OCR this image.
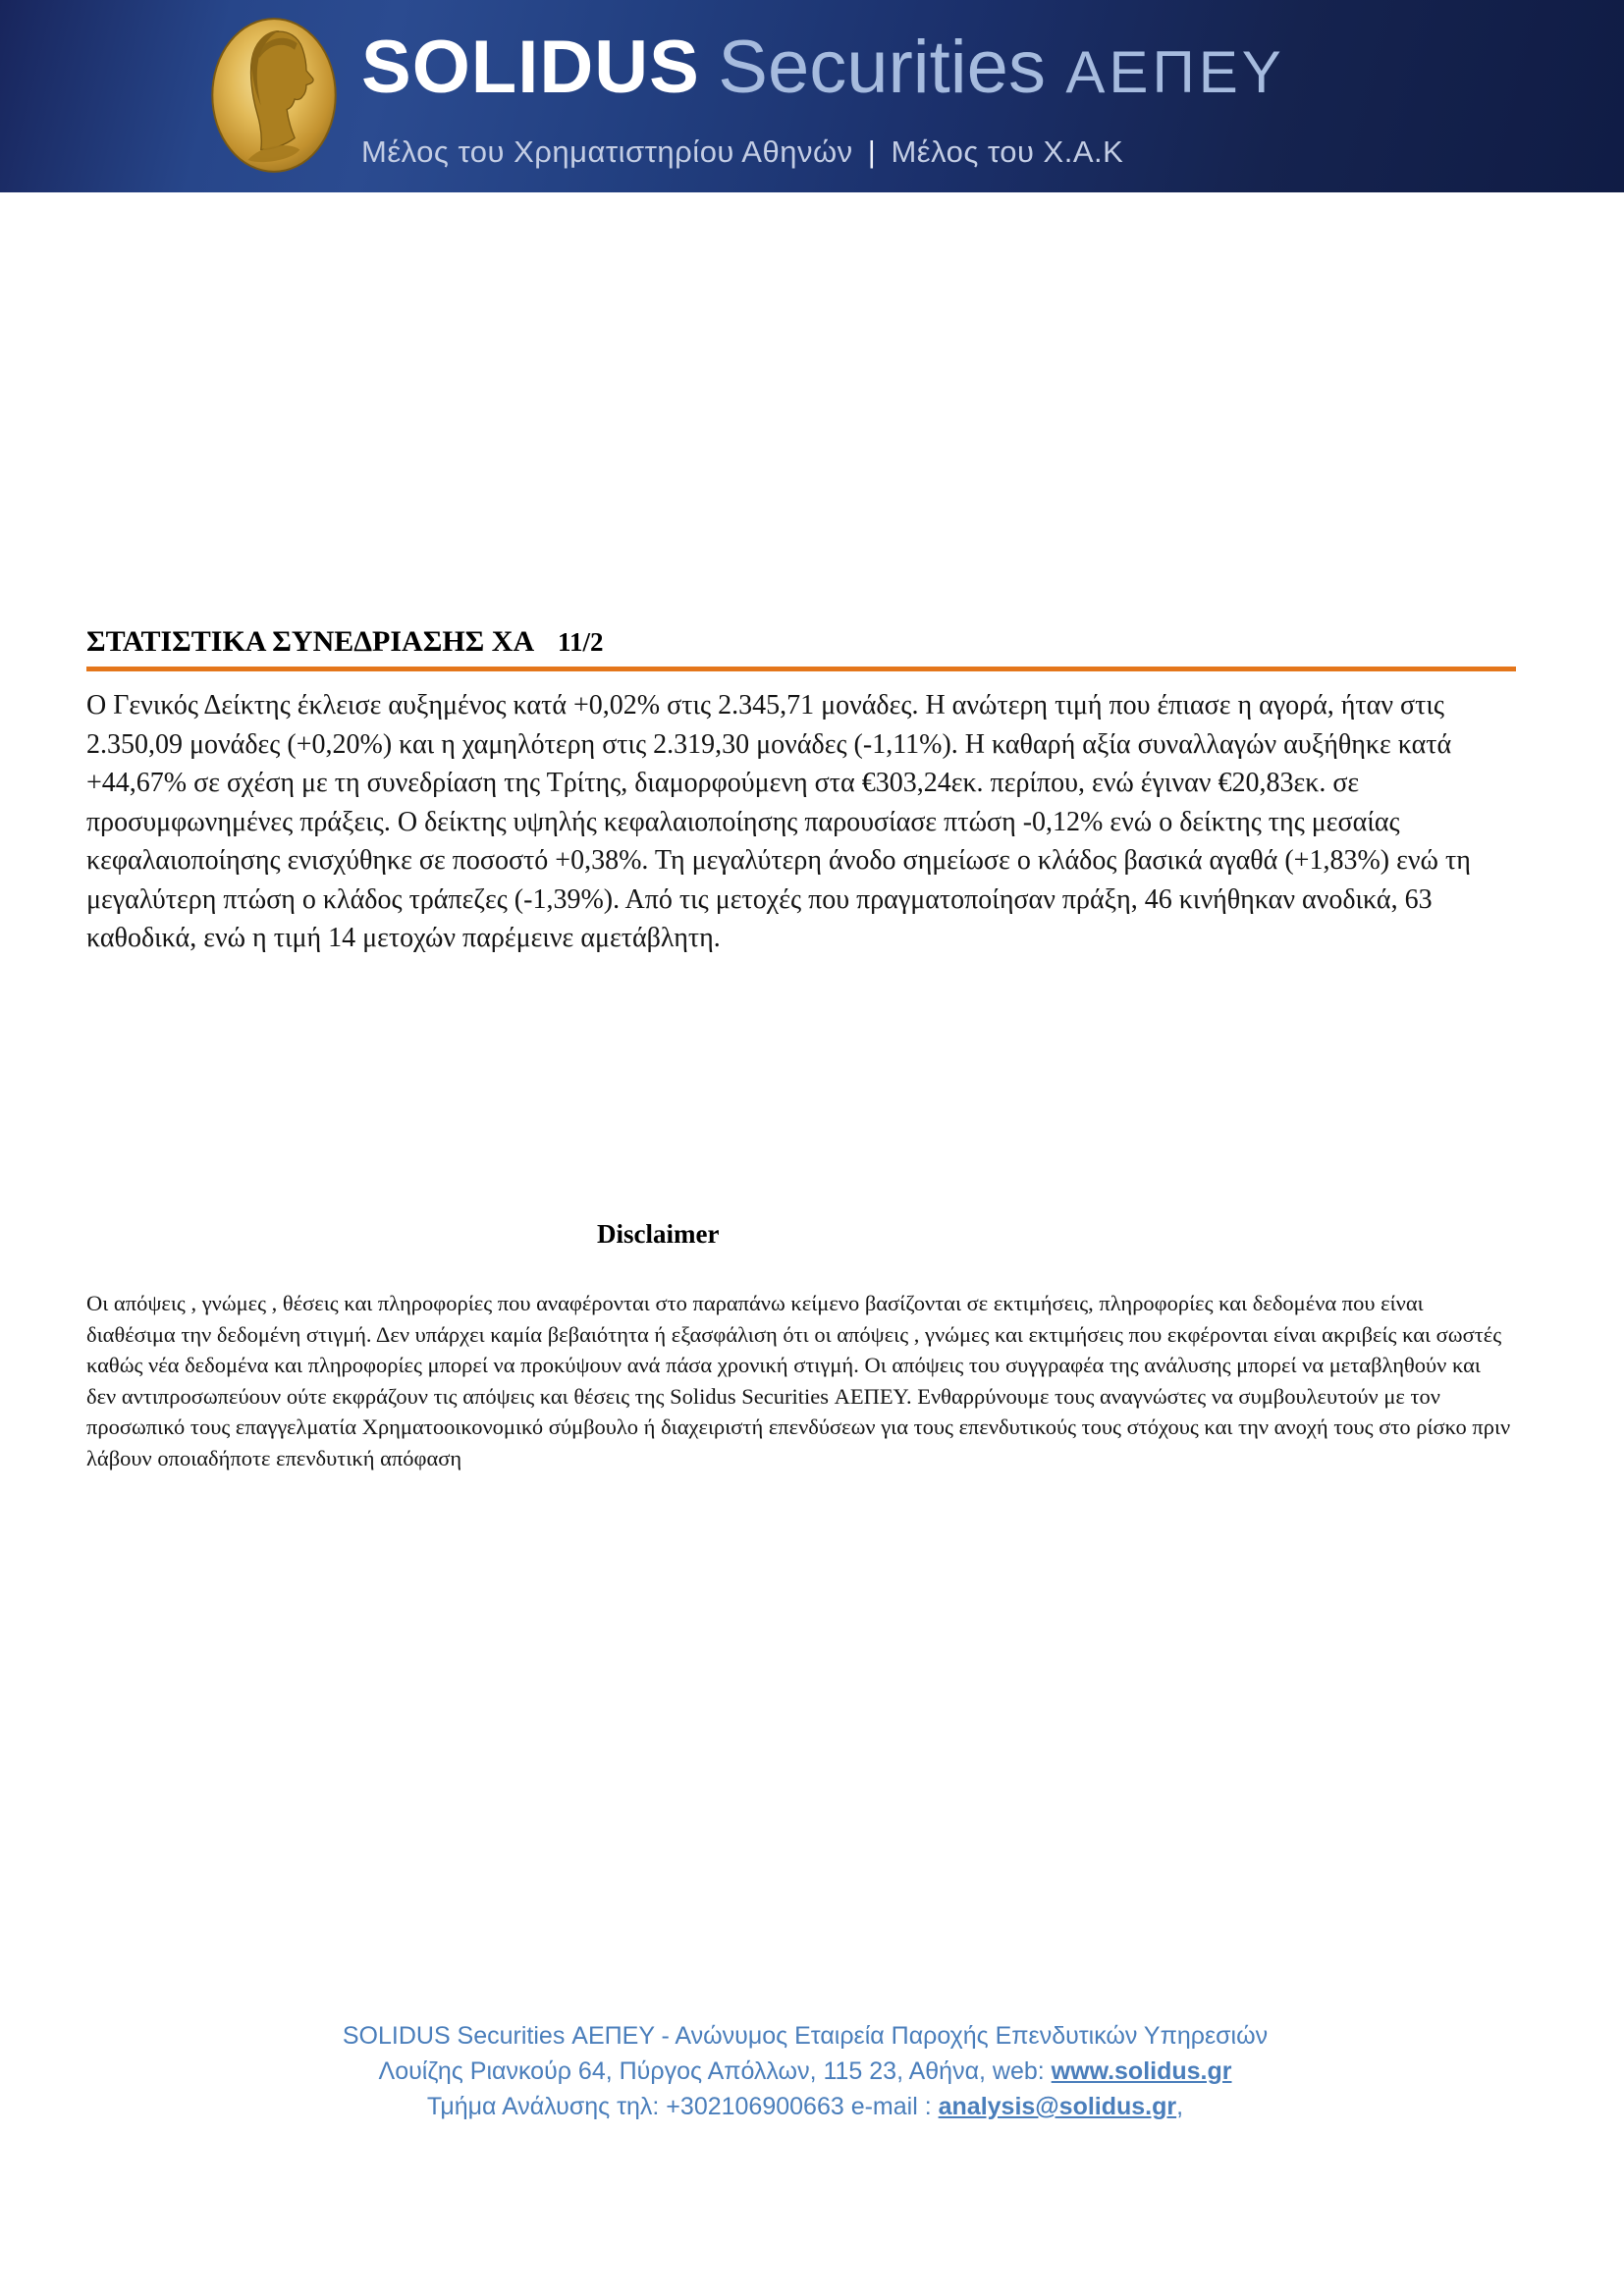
SOLIDUS Securities ΑΕΠΕΥ
Μέλος του Χρηματιστηρίου Αθηνών | Μέλος του Χ.Α.Κ
ΣΤΑΤΙΣΤΙΚΑ ΣΥΝΕΔΡΙΑΣΗΣ ΧΑ 11/2

Ο Γενικός Δείκτης έκλεισε αυξημένος κατά +0,02% στις 2.345,71 μονάδες. Η ανώτερη τιμή που έπιασε η αγορά, ήταν στις 2.350,09 μονάδες (+0,20%) και η χαμηλότερη στις 2.319,30 μονάδες (-1,11%). Η καθαρή αξία συναλλαγών αυξήθηκε κατά +44,67% σε σχέση με τη συνεδρίαση της Τρίτης, διαμορφούμενη στα €303,24εκ. περίπου, ενώ έγιναν €20,83εκ. σε προσυμφωνημένες πράξεις. Ο δείκτης υψηλής κεφαλαιοποίησης παρουσίασε πτώση -0,12% ενώ ο δείκτης της μεσαίας κεφαλαιοποίησης ενισχύθηκε σε ποσοστό +0,38%. Τη μεγαλύτερη άνοδο σημείωσε ο κλάδος βασικά αγαθά (+1,83%) ενώ τη μεγαλύτερη πτώση ο κλάδος τράπεζες (-1,39%). Από τις μετοχές που πραγματοποίησαν πράξη, 46 κινήθηκαν ανοδικά, 63 καθοδικά, ενώ η τιμή 14 μετοχών παρέμεινε αμετάβλητη.

Disclaimer

Οι απόψεις , γνώμες , θέσεις και πληροφορίες που αναφέρονται στο παραπάνω κείμενο βασίζονται σε εκτιμήσεις, πληροφορίες και δεδομένα που είναι διαθέσιμα την δεδομένη στιγμή. Δεν υπάρχει καμία βεβαιότητα ή εξασφάλιση ότι οι απόψεις , γνώμες και εκτιμήσεις που εκφέρονται είναι ακριβείς και σωστές καθώς νέα δεδομένα και πληροφορίες μπορεί να προκύψουν ανά πάσα χρονική στιγμή. Οι απόψεις του συγγραφέα της ανάλυσης μπορεί να μεταβληθούν και δεν αντιπροσωπεύουν ούτε εκφράζουν τις απόψεις και θέσεις της Solidus Securities ΑΕΠΕΥ. Ενθαρρύνουμε τους αναγνώστες να συμβουλευτούν με τον προσωπικό τους επαγγελματία Χρηματοοικονομικό σύμβουλο ή διαχειριστή επενδύσεων για τους επενδυτικούς τους στόχους και την ανοχή τους στο ρίσκο πριν λάβουν οποιαδήποτε επενδυτική απόφαση

SOLIDUS Securities ΑΕΠΕΥ - Ανώνυμος Εταιρεία Παροχής Επενδυτικών Υπηρεσιών
Λουίζης Ριανκούρ 64, Πύργος Απόλλων, 115 23, Αθήνα, web: www.solidus.gr
Τμήμα Ανάλυσης τηλ: +302106900663 e-mail : analysis@solidus.gr,
